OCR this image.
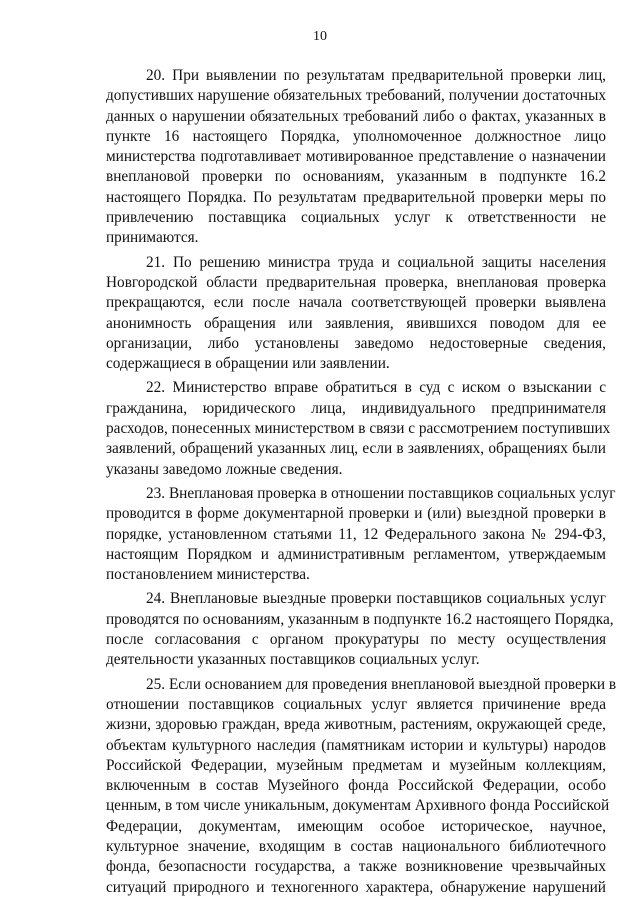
10
20. При выявлении по результатам предварительной проверки лиц,
допустивших нарушение обязательных требований, получении достаточных
данных о нарушении обязательных требований либо о фактах, указанных в
пункте 16 настоящего Порядка, уполномоченное должностное лицо
министерства подготавливает мотивированное представление о назначении
внеплановой проверки по основаниям, указанным в подпункте 16.2
настоящего Порядка. По результатам предварительной проверки меры по
привлечению поставщика социальных услуг к ответственности не
принимаются.
21. По решению министра труда и социальной защиты населения
Новгородской области предварительная проверка, внеплановая проверка
прекращаются, если после начала соответствующей проверки выявлена
анонимность обращения или заявления, явившихся поводом для ее
организации, либо установлены заведомо недостоверные сведения,
содержащиеся в обращении или заявлении.
22. Министерство вправе обратиться в суд с иском о взыскании с
гражданина, юридического лица, индивидуального предпринимателя
расходов, понесенных министерством в связи с рассмотрением поступивших
заявлений, обращений указанных лиц, если в заявлениях, обращениях были
указаны заведомо ложные сведения.
23. Внеплановая проверка в отношении поставщиков социальных услуг
проводится в форме документарной проверки и (или) выездной проверки в
порядке, установленном статьями 11, 12 Федерального закона № 294-ФЗ,
настоящим Порядком и административным регламентом, утверждаемым
постановлением министерства.
24. Внеплановые выездные проверки поставщиков социальных услуг
проводятся по основаниям, указанным в подпункте 16.2 настоящего Порядка,
после согласования с органом прокуратуры по месту осуществления
деятельности указанных поставщиков социальных услуг.
25. Если основанием для проведения внеплановой выездной проверки в
отношении поставщиков социальных услуг является причинение вреда
жизни, здоровью граждан, вреда животным, растениям, окружающей среде,
объектам культурного наследия (памятникам истории и культуры) народов
Российской Федерации, музейным предметам и музейным коллекциям,
включенным в состав Музейного фонда Российской Федерации, особо
ценным, в том числе уникальным, документам Архивного фонда Российской
Федерации, документам, имеющим особое историческое, научное,
культурное значение, входящим в состав национального библиотечного
фонда, безопасности государства, а также возникновение чрезвычайных
ситуаций природного и техногенного характера, обнаружение нарушений
